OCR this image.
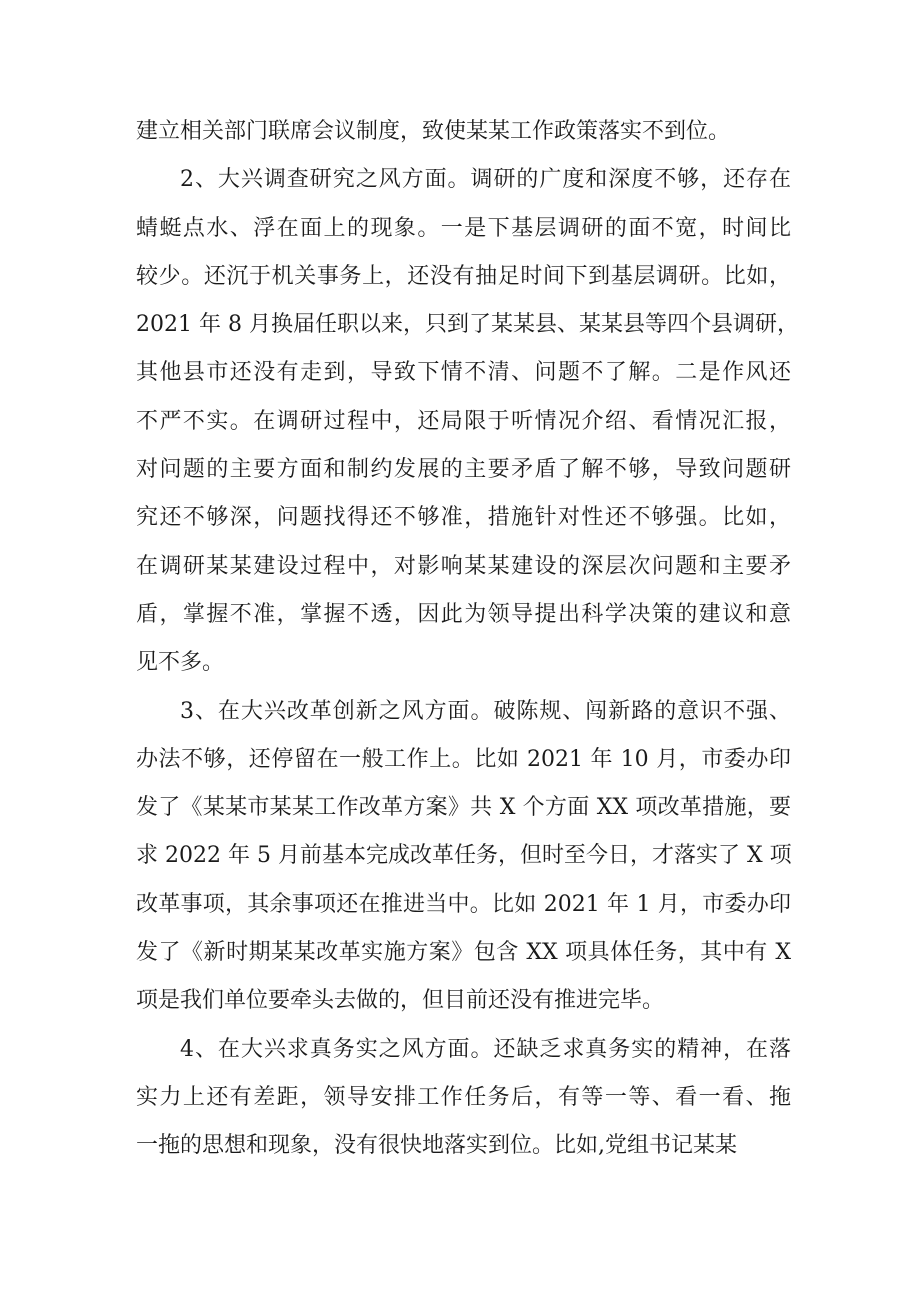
建立相关部门联席会议制度，致使某某工作政策落实不到位。
2、大兴调查研究之风方面。调研的广度和深度不够，还存在
蜻蜓点水、浮在面上的现象。一是下基层调研的面不宽，时间比
较少。还沉于机关事务上，还没有抽足时间下到基层调研。比如，
2021 年 8 月换届任职以来，只到了某某县、某某县等四个县调研，
其他县市还没有走到，导致下情不清、问题不了解。二是作风还
不严不实。在调研过程中，还局限于听情况介绍、看情况汇报，
对问题的主要方面和制约发展的主要矛盾了解不够，导致问题研
究还不够深，问题找得还不够准，措施针对性还不够强。比如，
在调研某某建设过程中，对影响某某建设的深层次问题和主要矛
盾，掌握不准，掌握不透，因此为领导提出科学决策的建议和意
见不多。
3、在大兴改革创新之风方面。破陈规、闯新路的意识不强、
办法不够，还停留在一般工作上。比如 2021 年 10 月，市委办印
发了《某某市某某工作改革方案》共 X 个方面 XX 项改革措施，要
求 2022 年 5 月前基本完成改革任务，但时至今日，才落实了 X 项
改革事项，其余事项还在推进当中。比如 2021 年 1 月，市委办印
发了《新时期某某改革实施方案》包含 XX 项具体任务，其中有 X
项是我们单位要牵头去做的，但目前还没有推进完毕。
4、在大兴求真务实之风方面。还缺乏求真务实的精神，在落
实力上还有差距，领导安排工作任务后，有等一等、看一看、拖
一拖的思想和现象，没有很快地落实到位。比如,党组书记某某
